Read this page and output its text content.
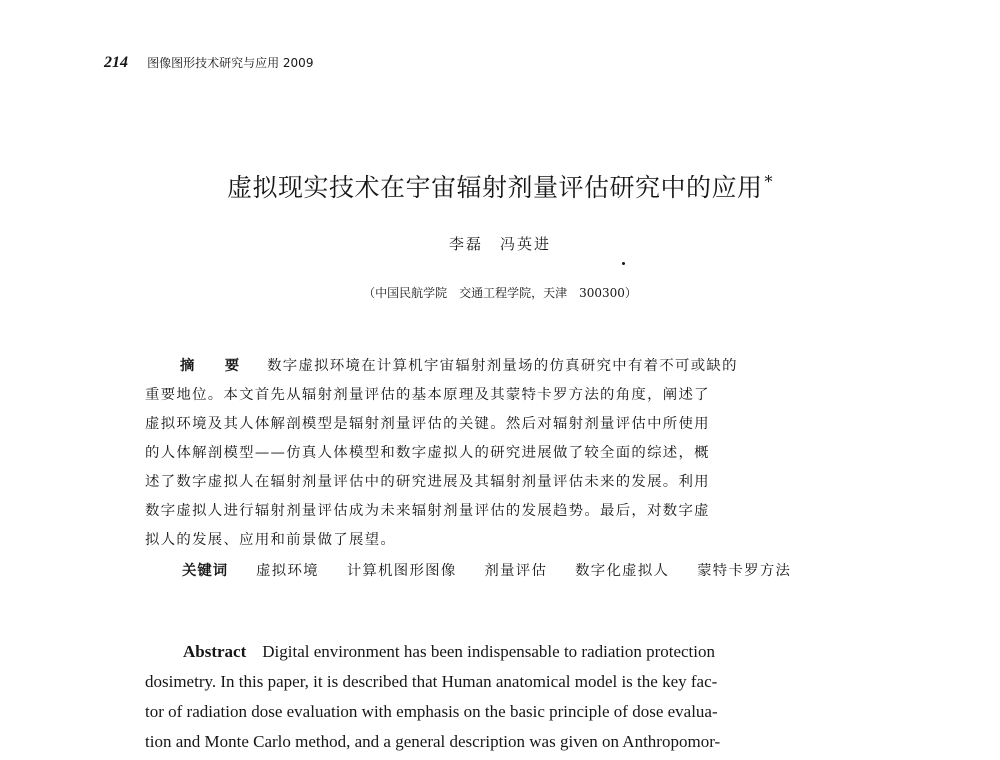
214 图像图形技术研究与应用 2009
虚拟现实技术在宇宙辐射剂量评估研究中的应用 *
李磊　冯英进
（中国民航学院　交通工程学院，天津　300300）
摘　要 数字虚拟环境在计算机宇宙辐射剂量场的仿真研究中有着不可或缺的
重要地位。本文首先从辐射剂量评估的基本原理及其蒙特卡罗方法的角度，阐述了
虚拟环境及其人体解剖模型是辐射剂量评估的关键。然后对辐射剂量评估中所使用
的人体解剖模型——仿真人体模型和数字虚拟人的研究进展做了较全面的综述，概
述了数字虚拟人在辐射剂量评估中的研究进展及其辐射剂量评估未来的发展。利用
数字虚拟人进行辐射剂量评估成为未来辐射剂量评估的发展趋势。最后，对数字虚
拟人的发展、应用和前景做了展望。
关键词 虚拟环境 计算机图形图像 剂量评估 数字化虚拟人 蒙特卡罗方法
Abstract Digital environment has been indispensable to radiation protection
dosimetry. In this paper, it is described that Human anatomical model is the key fac-
tor of radiation dose evaluation with emphasis on the basic principle of dose evalua-
tion and Monte Carlo method, and a general description was given on Anthropomor-
